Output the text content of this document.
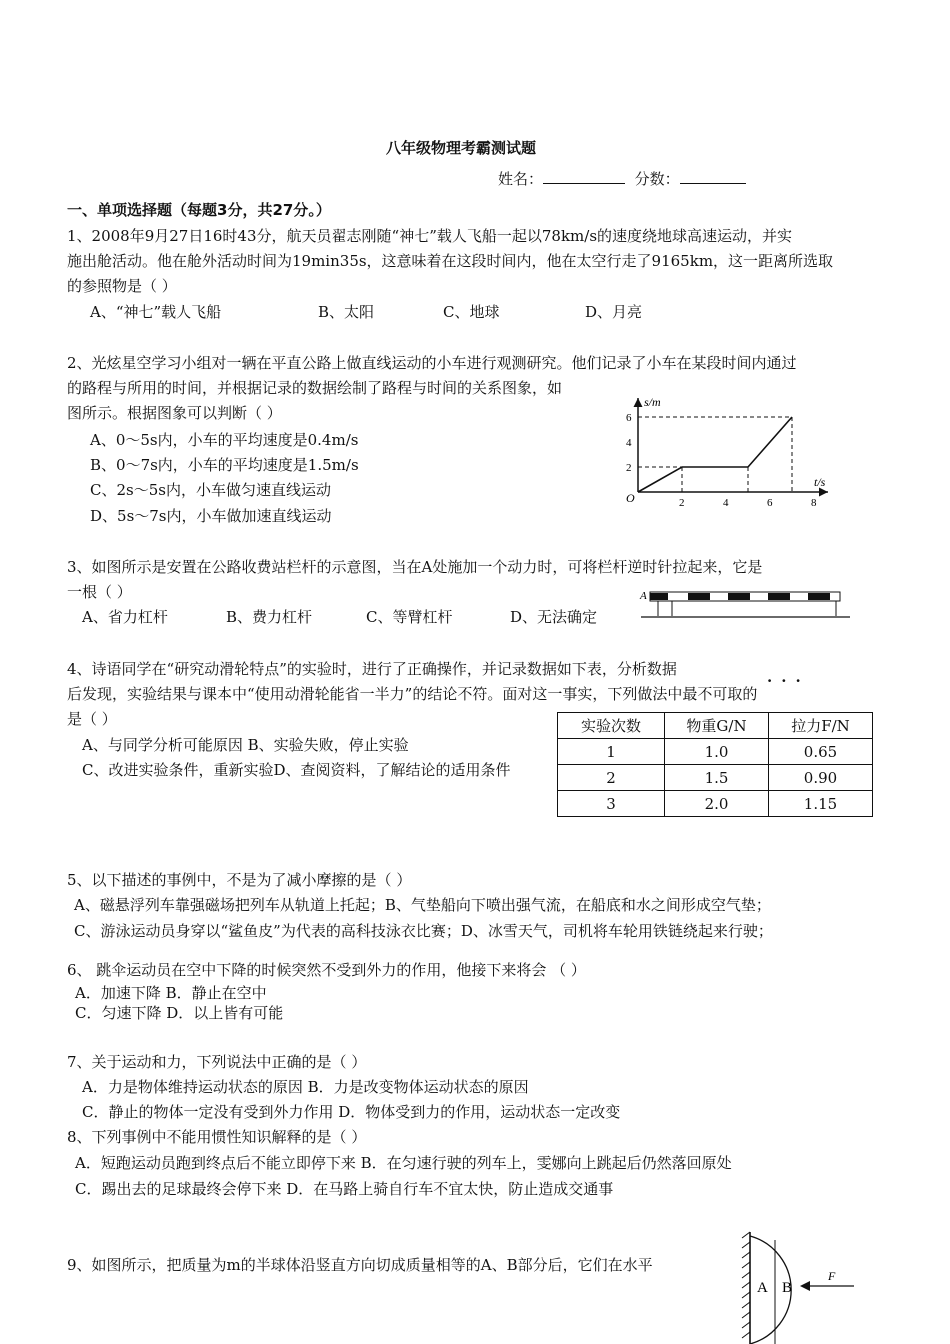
八年级物理考霸测试题
姓名：	分数：
一、单项选择题（每题3分，共27分。）
1、2008年9月27日16时43分，航天员翟志刚随“神七”载人飞船一起以78km/s的速度绕地球高速运动，并实
施出舱活动。他在舱外活动时间为19min35s，这意味着在这段时间内，他在太空行走了9165km，这一距离所选取
的参照物是（ ）
A、“神七”载人飞船	B、太阳	C、地球	D、月亮
2、光炫星空学习小组对一辆在平直公路上做直线运动的小车进行观测研究。他们记录了小车在某段时间内通过
的路程与所用的时间，并根据记录的数据绘制了路程与时间的关系图象，如
图所示。根据图象可以判断（ ）
A、0～5s内，小车的平均速度是0.4m/s
B、0～7s内，小车的平均速度是1.5m/s
C、2s～5s内，小车做匀速直线运动
D、5s～7s内，小车做加速直线运动
s/m
t/s
O
2
4
6
2	4	6	8
3、如图所示是安置在公路收费站栏杆的示意图，当在A处施加一个动力时，可将栏杆逆时针拉起来，它是
一根（ ）
A、省力杠杆	B、费力杠杆	C、等臂杠杆	D、无法确定
A
4、诗语同学在“研究动滑轮特点”的实验时，进行了正确操作，并记录数据如下表，分析数据
后发现，实验结果与课本中“使用动滑轮能省一半力”的结论不符。面对这一事实，下列做法中最不可取的
···
是（ ）
A、与同学分析可能原因 B、实验失败，停止实验
C、改进实验条件，重新实验D、查阅资料，了解结论的适用条件
实验次数	物重G/N	拉力F/N
1	1.0	0.65
2	1.5	0.90
3	2.0	1.15
5、以下描述的事例中，不是为了减小摩擦的是（ ）
A、磁悬浮列车靠强磁场把列车从轨道上托起；B、气垫船向下喷出强气流，在船底和水之间形成空气垫；
C、游泳运动员身穿以“鲨鱼皮”为代表的高科技泳衣比赛；D、冰雪天气，司机将车轮用铁链绕起来行驶；
6、 跳伞运动员在空中下降的时候突然不受到外力的作用，他接下来将会 （ ）
A．加速下降 B．静止在空中
C．匀速下降 D．以上皆有可能
7、关于运动和力，下列说法中正确的是（ ）
A．力是物体维持运动状态的原因 B．力是改变物体运动状态的原因
C．静止的物体一定没有受到外力作用 D．物体受到力的作用，运动状态一定改变
8、下列事例中不能用惯性知识解释的是（ ）
A．短跑运动员跑到终点后不能立即停下来 B．在匀速行驶的列车上，雯娜向上跳起后仍然落回原处
C．踢出去的足球最终会停下来 D．在马路上骑自行车不宜太快，防止造成交通事
9、如图所示，把质量为m的半球体沿竖直方向切成质量相等的A、B部分后，它们在水平
A B
F
